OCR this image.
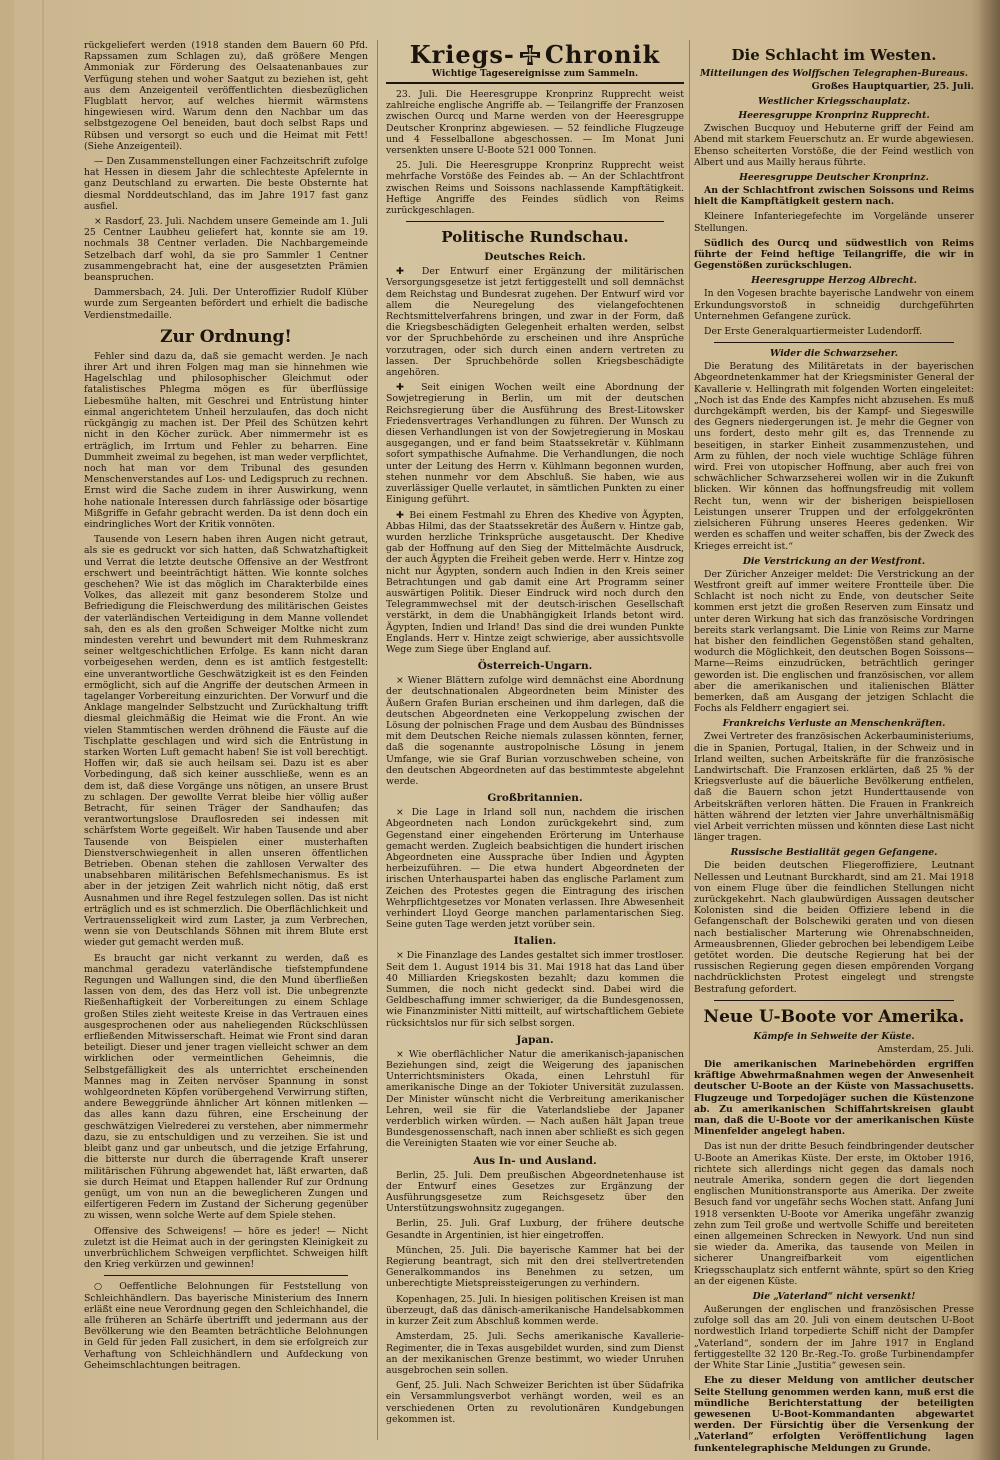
rückgeliefert werden (1918 standen dem Bauern 60 Pfd. Rapssamen zum Schlagen zu), daß größere Mengen Ammoniak zur Förderung des Oelsaatenanbaues zur Verfügung stehen und woher Saatgut zu beziehen ist, geht aus dem Anzeigenteil veröffentlichten diesbezüglichen Flugblatt hervor, auf welches hiermit wärmstens hingewiesen wird. Warum denn den Nachbar um das selbstgezogene Oel beneiden, baut doch selbst Raps und Rübsen und versorgt so euch und die Heimat mit Fett! (Siehe Anzeigenteil).

— Den Zusammenstellungen einer Fachzeitschrift zufolge hat Hessen in diesem Jahr die schlechteste Apfelernte in ganz Deutschland zu erwarten. Die beste Obsternte hat diesmal Norddeutschland, das im Jahre 1917 fast ganz ausfiel.

× Rasdorf, 23. Juli. Nachdem unsere Gemeinde am 1. Juli 25 Centner Laubheu geliefert hat, konnte sie am 19. nochmals 38 Centner verladen. Die Nachbargemeinde Setzelbach darf wohl, da sie pro Sammler 1 Centner zusammengebracht hat, eine der ausgesetzten Prämien beanspruchen.

Dammersbach, 24. Juli. Der Unteroffizier Rudolf Klüber wurde zum Sergeanten befördert und erhielt die badische Verdienstmedaille.

Zur Ordnung!

Fehler sind dazu da, daß sie gemacht werden. Je nach ihrer Art und ihren Folgen mag man sie hinnehmen wie Hagelschlag und philosophischer Gleichmut oder fatalistisches Phlegma mögen es für überflüssige Liebesmühe halten, mit Geschrei und Entrüstung hinter einmal angerichtetem Unheil herzulaufen, das doch nicht rückgängig zu machen ist. Der Pfeil des Schützen kehrt nicht in den Köcher zurück. Aber nimmermehr ist es erträglich, im Irrtum und Fehler zu beharren. Eine Dummheit zweimal zu begehen, ist man weder verpflichtet, noch hat man vor dem Tribunal des gesunden Menschenverstandes auf Los- und Ledigspruch zu rechnen. Ernst wird die Sache zudem in ihrer Auswirkung, wenn hohe nationale Interessen durch fahrlässige oder bösartige Mißgriffe in Gefahr gebracht werden. Da ist denn doch ein eindringliches Wort der Kritik vonnöten.

Tausende von Lesern haben ihren Augen nicht getraut, als sie es gedruckt vor sich hatten, daß Schwatzhaftigkeit und Verrat die letzte deutsche Offensive an der Westfront erschwert und beeinträchtigt hätten. Wie konnte solches geschehen? Wie ist das möglich im Charakterbilde eines Volkes, das allezeit mit ganz besonderem Stolze und Befriedigung die Fleischwerdung des militärischen Geistes der vaterländischen Verteidigung in dem Manne vollendet sah, den es als den großen Schweiger Moltke nicht zum mindesten verehrt und bewundert mit dem Ruhmeskranz seiner weltgeschichtlichen Erfolge. Es kann nicht daran vorbeigesehen werden, denn es ist amtlich festgestellt: eine unverantwortliche Geschwätzigkeit ist es den Feinden ermöglicht, sich auf die Angriffe der deutschen Armeen in tagelanger Vorbereitung einzurichten. Der Vorwurf und die Anklage mangelnder Selbstzucht und Zurückhaltung trifft diesmal gleichmäßig die Heimat wie die Front. An wie vielen Stammtischen werden dröhnend die Fäuste auf die Tischplatte geschlagen und wird sich die Entrüstung in starken Worten Luft gemacht haben! Sie ist voll berechtigt. Hoffen wir, daß sie auch heilsam sei. Dazu ist es aber Vorbedingung, daß sich keiner ausschließe, wenn es an dem ist, daß diese Vorgänge uns nötigen, an unsere Brust zu schlagen. Der gewollte Verrat bleibe hier völlig außer Betracht, für seinen Träger der Sandhaufen; das verantwortungslose Drauflosreden sei indessen mit schärfstem Worte gegeißelt. Wir haben Tausende und aber Tausende von Beispielen einer musterhaften Dienstverschwiegenheit in allen unseren öffentlichen Betrieben. Obenan stehen die zahllosen Verwalter des unabsehbaren militärischen Befehlsmechanismus. Es ist aber in der jetzigen Zeit wahrlich nicht nötig, daß erst Ausnahmen und ihre Regel festzulegen sollen. Das ist nicht erträglich und es ist schmerzlich. Die Oberflächlichkeit und Vertrauensseligkeit wird zum Laster, ja zum Verbrechen, wenn sie von Deutschlands Söhnen mit ihrem Blute erst wieder gut gemacht werden muß.

Es braucht gar nicht verkannt zu werden, daß es manchmal geradezu vaterländische tiefstempfundene Regungen und Wallungen sind, die den Mund überfließen lassen von dem, des das Herz voll ist. Die unbegrenzte Rießenhaftigkeit der Vorbereitungen zu einem Schlage großen Stiles zieht weiteste Kreise in das Vertrauen eines ausgesprochenen oder aus naheliegenden Rückschlüssen erfließenden Mitwisserschaft. Heimat wie Front sind daran beteiligt. Dieser und jener tragen vielleicht schwer an dem wirklichen oder vermeintlichen Geheimnis, die Selbstgefälligkeit des als unterrichtet erscheinenden Mannes mag in Zeiten nervöser Spannung in sonst wohlgeordneten Köpfen vorübergehend Verwirrung stiften, andere Beweggründe ähnlicher Art können mitlenken — das alles kann dazu führen, eine Erscheinung der geschwätzigen Vielrederei zu verstehen, aber nimmermehr dazu, sie zu entschuldigen und zu verzeihen. Sie ist und bleibt ganz und gar unbeutsch, und die jetzige Erfahrung, die bitterste nur durch die überragende Kraft unserer militärischen Führung abgewendet hat, läßt erwarten, daß sie durch Heimat und Etappen hallender Ruf zur Ordnung genügt, um von nun an die beweglicheren Zungen und eilfertigeren Federn im Zustand der Sicherung gegenüber zu wissen, wenn solche Werte auf dem Spiele stehen.

Offensive des Schweigens! — höre es jeder! — Nicht zuletzt ist die Heimat auch in der geringsten Kleinigkeit zu unverbrüchlichem Schweigen verpflichtet. Schweigen hilft den Krieg verkürzen und gewinnen!

○ Oeffentliche Belohnungen für Feststellung von Schleichhändlern. Das bayerische Ministerium des Innern erläßt eine neue Verordnung gegen den Schleichhandel, die alle früheren an Schärfe übertrifft und jedermann aus der Bevölkerung wie den Beamten beträchtliche Belohnungen in Geld für jeden Fall zusichert, in dem sie erfolgreich zur Verhaftung von Schleichhändlern und Aufdeckung von Geheimschlachtungen beitragen.

Kriegs- Chronik
Wichtige Tagesereignisse zum Sammeln.

23. Juli. Die Heeresgruppe Kronprinz Rupprecht weist zahlreiche englische Angriffe ab. — Teilangriffe der Franzosen zwischen Ourcq und Marne werden von der Heeresgruppe Deutscher Kronprinz abgewiesen. — 52 feindliche Flugzeuge und 4 Fesselballone abgeschossen. — Im Monat Juni versenkten unsere U-Boote 521 000 Tonnen.

25. Juli. Die Heeresgruppe Kronprinz Rupprecht weist mehrfache Vorstöße des Feindes ab. — An der Schlachtfront zwischen Reims und Soissons nachlassende Kampftätigkeit. Heftige Angriffe des Feindes südlich von Reims zurückgeschlagen.

Politische Rundschau.
Deutsches Reich.

✚ Der Entwurf einer Ergänzung der militärischen Versorgungsgesetze ist jetzt fertiggestellt und soll demnächst dem Reichstag und Bundesrat zugehen. Der Entwurf wird vor allem die Neuregelung des vielangefochtenen Rechtsmittelverfahrens bringen, und zwar in der Form, daß die Kriegsbeschädigten Gelegenheit erhalten werden, selbst vor der Spruchbehörde zu erscheinen und ihre Ansprüche vorzutragen, oder sich durch einen andern vertreten zu lassen. Der Spruchbehörde sollen Kriegsbeschädigte angehören.

✚ Seit einigen Wochen weilt eine Abordnung der Sowjetregierung in Berlin, um mit der deutschen Reichsregierung über die Ausführung des Brest-Litowsker Friedensvertrages Verhandlungen zu führen. Der Wunsch zu diesen Verhandlungen ist von der Sowjetregierung in Moskau ausgegangen, und er fand beim Staatssekretär v. Kühlmann sofort sympathische Aufnahme. Die Verhandlungen, die noch unter der Leitung des Herrn v. Kühlmann begonnen wurden, stehen nunmehr vor dem Abschluß. Sie haben, wie aus zuverlässiger Quelle verlautet, in sämtlichen Punkten zu einer Einigung geführt.

✚ Bei einem Festmahl zu Ehren des Khedive von Ägypten, Abbas Hilmi, das der Staatssekretär des Äußern v. Hintze gab, wurden herzliche Trinksprüche ausgetauscht. Der Khedive gab der Hoffnung auf den Sieg der Mittelmächte Ausdruck, der auch Ägypten die Freiheit geben werde. Herr v. Hintze zog nicht nur Ägypten, sondern auch Indien in den Kreis seiner Betrachtungen und gab damit eine Art Programm seiner auswärtigen Politik. Dieser Eindruck wird noch durch den Telegrammwechsel mit der deutsch-irischen Gesellschaft verstärkt, in dem die Unabhängigkeit Irlands betont wird. Ägypten, Indien und Irland! Das sind die drei wunden Punkte Englands. Herr v. Hintze zeigt schwierige, aber aussichtsvolle Wege zum Siege über England auf.

Österreich-Ungarn.

× Wiener Blättern zufolge wird demnächst eine Abordnung der deutschnationalen Abgeordneten beim Minister des Äußern Grafen Burian erscheinen und ihm darlegen, daß die deutschen Abgeordneten eine Verkoppelung zwischen der Lösung der polnischen Frage und dem Ausbau des Bündnisses mit dem Deutschen Reiche niemals zulassen könnten, ferner, daß die sogenannte austropolnische Lösung in jenem Umfange, wie sie Graf Burian vorzuschweben scheine, von den deutschen Abgeordneten auf das bestimmteste abgelehnt werde.

Großbritannien.

× Die Lage in Irland soll nun, nachdem die irischen Abgeordneten nach London zurückgekehrt sind, zum Gegenstand einer eingehenden Erörterung im Unterhause gemacht werden. Zugleich beabsichtigen die hundert irischen Abgeordneten eine Aussprache über Indien und Ägypten herbeizuführen. — Die etwa hundert Abgeordneten der irischen Unterhauspartei haben das englische Parlament zum Zeichen des Protestes gegen die Eintragung des irischen Wehrpflichtgesetzes vor Monaten verlassen. Ihre Abwesenheit verhindert Lloyd George manchen parlamentarischen Sieg. Seine guten Tage werden jetzt vorüber sein.

Italien.

× Die Finanzlage des Landes gestaltet sich immer trostloser. Seit dem 1. August 1914 bis 31. Mai 1918 hat das Land über 40 Milliarden Kriegskosten bezahlt; dazu kommen die Summen, die noch nicht gedeckt sind. Dabei wird die Geldbeschaffung immer schwieriger, da die Bundesgenossen, wie Finanzminister Nitti mitteilt, auf wirtschaftlichem Gebiete rücksichtslos nur für sich selbst sorgen.

Japan.

× Wie oberflächlicher Natur die amerikanisch-japanischen Beziehungen sind, zeigt die Weigerung des japanischen Unterrichtsministers Okada, einen Lehrstuhl für amerikanische Dinge an der Tokioter Universität zuzulassen. Der Minister wünscht nicht die Verbreitung amerikanischer Lehren, weil sie für die Vaterlandsliebe der Japaner verderblich wirken würden. — Nach außen hält Japan treue Bundesgenossenschaft, nach innen aber schließt es sich gegen die Vereinigten Staaten wie vor einer Seuche ab.

Aus In- und Ausland.

Berlin, 25. Juli. Dem preußischen Abgeordnetenhause ist der Entwurf eines Gesetzes zur Ergänzung der Ausführungsgesetze zum Reichsgesetz über den Unterstützungswohnsitz zugegangen.

Berlin, 25. Juli. Graf Luxburg, der frühere deutsche Gesandte in Argentinien, ist hier eingetroffen.

München, 25. Juli. Die bayerische Kammer hat bei der Regierung beantragt, sich mit den drei stellvertretenden Generalkommandos ins Benehmen zu setzen, um unberechtigte Mietspreissteigerungen zu verhindern.

Kopenhagen, 25. Juli. In hiesigen politischen Kreisen ist man überzeugt, daß das dänisch-amerikanische Handelsabkommen in kurzer Zeit zum Abschluß kommen werde.

Amsterdam, 25. Juli. Sechs amerikanische Kavallerie-Regimenter, die in Texas ausgebildet wurden, sind zum Dienst an der mexikanischen Grenze bestimmt, wo wieder Unruhen ausgebrochen sein sollen.

Genf, 25. Juli. Nach Schweizer Berichten ist über Südafrika ein Versammlungsverbot verhängt worden, weil es an verschiedenen Orten zu revolutionären Kundgebungen gekommen ist.

Die Schlacht im Westen.
Mitteilungen des Wolffschen Telegraphen-Bureaus.

Großes Hauptquartier, 25. Juli.

Westlicher Kriegsschauplatz.
Heeresgruppe Kronprinz Rupprecht.

Zwischen Bucquoy und Hebuterne griff der Feind am Abend mit starkem Feuerschutz an. Er wurde abgewiesen. Ebenso scheiterten Vorstöße, die der Feind westlich von Albert und aus Mailly heraus führte.

Heeresgruppe Deutscher Kronprinz.

An der Schlachtfront zwischen Soissons und Reims hielt die Kampftätigkeit gestern nach.

Kleinere Infanteriegefechte im Vorgelände unserer Stellungen.

Südlich des Ourcq und südwestlich von Reims führte der Feind heftige Teilangriffe, die wir in Gegenstößen zurückschlugen.

Heeresgruppe Herzog Albrecht.

In den Vogesen brachte bayerische Landwehr von einem Erkundungsvorstoß in schneidig durchgeführten Unternehmen Gefangene zurück.

Der Erste Generalquartiermeister Ludendorff.

Wider die Schwarzseher.

Die Beratung des Militäretats in der bayerischen Abgeordnetenkammer hat der Kriegsminister General der Kavallerie v. Hellingrath mit folgenden Worten eingeleitet: „Noch ist das Ende des Kampfes nicht abzusehen. Es muß durchgekämpft werden, bis der Kampf- und Siegeswille des Gegners niedergerungen ist. Je mehr die Gegner von uns fordert, desto mehr gilt es, das Trennende zu beseitigen, in starker Einheit zusammenzustehen, und Arm zu fühlen, der noch viele wuchtige Schläge führen wird. Frei von utopischer Hoffnung, aber auch frei von schwächlicher Schwarzseherei wollen wir in die Zukunft blicken. Wir können das hoffnungsfreudig mit vollem Recht tun, wenn wir der bisherigen beispiellosen Leistungen unserer Truppen und der erfolggekrönten zielsicheren Führung unseres Heeres gedenken. Wir werden es schaffen und weiter schaffen, bis der Zweck des Krieges erreicht ist.“

Die Verstrickung an der Westfront.

Der Züricher Anzeiger meldet: Die Verstrickung an der Westfront greift auf immer weitere Frontteile über. Die Schlacht ist noch nicht zu Ende, von deutscher Seite kommen erst jetzt die großen Reserven zum Einsatz und unter deren Wirkung hat sich das französische Vordringen bereits stark verlangsamt. Die Linie von Reims zur Marne hat bisher den feindlichen Gegenstößen stand gehalten, wodurch die Möglichkeit, den deutschen Bogen Soissons—Marne—Reims einzudrücken, beträchtlich geringer geworden ist. Die englischen und französischen, vor allem aber die amerikanischen und italienischen Blätter bemerken, daß am Ausgang der jetzigen Schlacht die Fochs als Feldherr engagiert sei.

Frankreichs Verluste an Menschenkräften.

Zwei Vertreter des französischen Ackerbauministeriums, die in Spanien, Portugal, Italien, in der Schweiz und in Irland weilten, suchen Arbeitskräfte für die französische Landwirtschaft. Die Franzosen erklärten, daß 25 % der Kriegsverluste auf die bäuerliche Bevölkerung entfielen, daß die Bauern schon jetzt Hunderttausende von Arbeitskräften verloren hätten. Die Frauen in Frankreich hätten während der letzten vier Jahre unverhältnismäßig viel Arbeit verrichten müssen und könnten diese Last nicht länger tragen.

Russische Bestialität gegen Gefangene.

Die beiden deutschen Fliegeroffiziere, Leutnant Nellessen und Leutnant Burckhardt, sind am 21. Mai 1918 von einem Fluge über die feindlichen Stellungen nicht zurückgekehrt. Nach glaubwürdigen Aussagen deutscher Kolonisten sind die beiden Offiziere lebend in die Gefangenschaft der Bolschewiki geraten und von diesen nach bestialischer Marterung wie Ohrenabschneiden, Armeausbrennen, Glieder gebrochen bei lebendigem Leibe getötet worden. Die deutsche Regierung hat bei der russischen Regierung gegen diesen empörenden Vorgang nachdrücklichsten Protest eingelegt und strengste Bestrafung gefordert.

Neue U-Boote vor Amerika.
Kämpfe in Sehweite der Küste.

Amsterdam, 25. Juli.

Die amerikanischen Marinebehörden ergriffen kräftige Abwehrmaßnahmen wegen der Anwesenheit deutscher U-Boote an der Küste von Massachusetts. Flugzeuge und Torpedojäger suchen die Küstenzone ab. Zu amerikanischen Schiffahrtskreisen glaubt man, daß die U-Boote vor der amerikanischen Küste Minenfelder angelegt haben.

Das ist nun der dritte Besuch feindbringender deutscher U-Boote an Amerikas Küste. Der erste, im Oktober 1916, richtete sich allerdings nicht gegen das damals noch neutrale Amerika, sondern gegen die dort liegenden englischen Munitionstransporte aus Amerika. Der zweite Besuch fand vor ungefähr sechs Wochen statt. Anfang Juni 1918 versenkten U-Boote vor Amerika ungefähr zwanzig zehn zum Teil große und wertvolle Schiffe und bereiteten einen allgemeinen Schrecken in Newyork. Und nun sind sie wieder da. Amerika, das tausende von Meilen in sicherer Unangreifbarkeit vom eigentlichen Kriegsschauplatz sich entfernt wähnte, spürt so den Krieg an der eigenen Küste.

Die „Vaterland“ nicht versenkt!

Außerungen der englischen und französischen Presse zufolge soll das am 20. Juli von einem deutschen U-Boot nordwestlich Irland torpedierte Schiff nicht der Dampfer „Vaterland“, sondern der im Jahre 1917 in England fertiggestellte 32 120 Br.-Reg.-To. große Turbinendampfer der White Star Linie „Justitia“ gewesen sein.

Ehe zu dieser Meldung von amtlicher deutscher Seite Stellung genommen werden kann, muß erst die mündliche Berichterstattung der beteiligten gewesenen U-Boot-Kommandanten abgewartet werden. Der Fürsichtig über die Versenkung der „Vaterland“ erfolgten Veröffentlichung lagen funkentelegraphische Meldungen zu Grunde.
